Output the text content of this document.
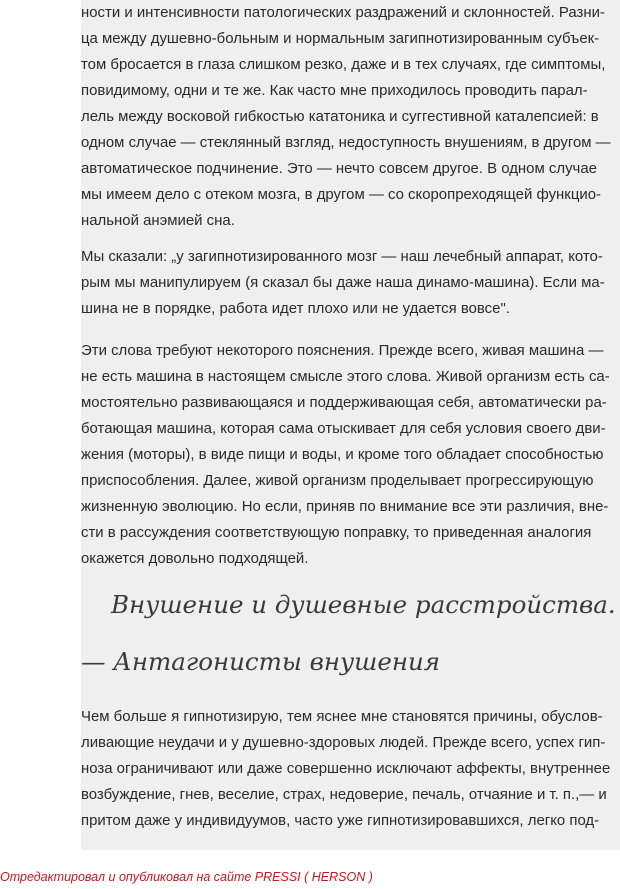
ности и интенсивности патологических раздражений и склонностей. Разни-
ца между душевно-больным и нормальным загипнотизированным субъек-
том бросается в глаза слишком резко, даже и в тех случаях, где симптомы,
повидимому, одни и те же. Как часто мне приходилось проводить парал-
лель между восковой гибкостью кататоника и суггестивной каталепсией: в
одном случае — стеклянный взгляд, недоступность внушениям, в другом —
автоматическое подчинение. Это — нечто совсем другое. В одном случае
мы имеем дело с отеком мозга, в другом — со скоропреходящей функцио-
нальной анэмией сна.
Мы сказали: „у загипнотизированного мозг — наш лечебный аппарат, кото-
рым мы манипулируем (я сказал бы даже наша динамо-машина). Если ма-
шина не в порядке, работа идет плохо или не удается вовсе".
Эти слова требуют некоторого пояснения. Прежде всего, живая машина —
не есть машина в настоящем смысле этого слова. Живой организм есть са-
мостоятельно развивающаяся и поддерживающая себя, автоматически ра-
ботающая машина, которая сама отыскивает для себя условия своего дви-
жения (моторы), в виде пищи и воды, и кроме того обладает способностью
приспособления. Далее, живой организм проделывает прогрессирующую
жизненную эволюцию. Но если, приняв по внимание все эти различия, вне-
сти в рассуждения соответствующую поправку, то приведенная аналогия
окажется довольно подходящей.
Внушение и душевные расстройства.
— Антагонисты внушения
Чем больше я гипнотизирую, тем яснее мне становятся причины, обуслов-
ливающие неудачи и у душевно-здоровых людей. Прежде всего, успех гип-
ноза ограничивают или даже совершенно исключают аффекты, внутреннее
возбуждение, гнев, веселие, страх, недоверие, печаль, отчаяние и т. п.,— и
притом даже у индивидуумов, часто уже гипнотизировавшихся, легко под-
Отредактировал и опубликовал на сайте PRESSI ( HERSON )
